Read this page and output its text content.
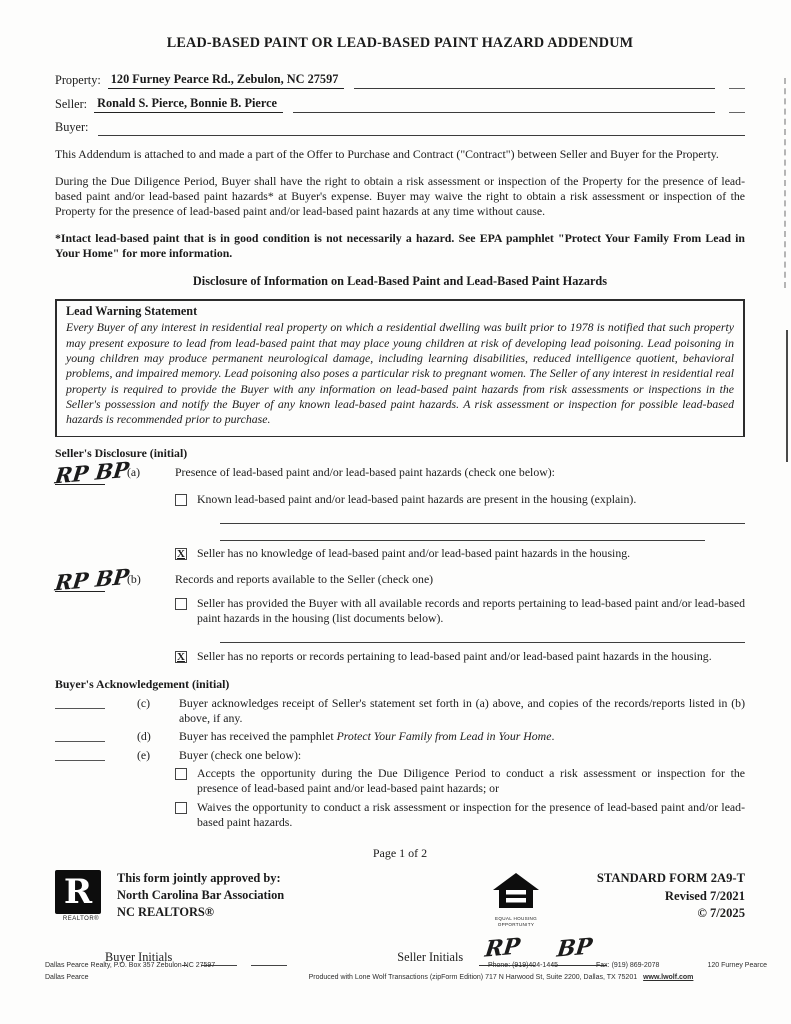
LEAD-BASED PAINT OR LEAD-BASED PAINT HAZARD ADDENDUM
Property: 120 Furney Pearce Rd., Zebulon, NC 27597
Seller: Ronald S. Pierce, Bonnie B. Pierce
Buyer:

This Addendum is attached to and made a part of the Offer to Purchase and Contract ("Contract") between Seller and Buyer for the Property.

During the Due Diligence Period, Buyer shall have the right to obtain a risk assessment or inspection of the Property for the presence of lead-based paint and/or lead-based paint hazards* at Buyer's expense. Buyer may waive the right to obtain a risk assessment or inspection of the Property for the presence of lead-based paint and/or lead-based paint hazards at any time without cause.

*Intact lead-based paint that is in good condition is not necessarily a hazard. See EPA pamphlet "Protect Your Family From Lead in Your Home" for more information.

Disclosure of Information on Lead-Based Paint and Lead-Based Paint Hazards
Lead Warning Statement
Every Buyer of any interest in residential real property on which a residential dwelling was built prior to 1978 is notified that such property may present exposure to lead from lead-based paint that may place young children at risk of developing lead poisoning. Lead poisoning in young children may produce permanent neurological damage, including learning disabilities, reduced intelligence quotient, behavioral problems, and impaired memory. Lead poisoning also poses a particular risk to pregnant women. The Seller of any interest in residential real property is required to provide the Buyer with any information on lead-based paint hazards from risk assessments or inspections in the Seller's possession and notify the Buyer of any known lead-based paint hazards. A risk assessment or inspection for possible lead-based hazards is recommended prior to purchase.
Seller's Disclosure (initial)
RP BP
(a)	Presence of lead-based paint and/or lead-based paint hazards (check one below):
Known lead-based paint and/or lead-based paint hazards are present in the housing (explain).
X Seller has no knowledge of lead-based paint and/or lead-based paint hazards in the housing.
RP BP
(b)	Records and reports available to the Seller (check one)
Seller has provided the Buyer with all available records and reports pertaining to lead-based paint and/or lead-based paint hazards in the housing (list documents below).
X Seller has no reports or records pertaining to lead-based paint and/or lead-based paint hazards in the housing.
Buyer's Acknowledgement (initial)
(c)	Buyer acknowledges receipt of Seller's statement set forth in (a) above, and copies of the records/reports listed in (b) above, if any.
(d)	Buyer has received the pamphlet Protect Your Family from Lead in Your Home.
(e)	Buyer (check one below):
Accepts the opportunity during the Due Diligence Period to conduct a risk assessment or inspection for the presence of lead-based paint and/or lead-based paint hazards; or
Waives the opportunity to conduct a risk assessment or inspection for the presence of lead-based paint and/or lead-based paint hazards.
Page 1 of 2
R
REALTOR®
This form jointly approved by:
North Carolina Bar Association
NC REALTORS®
EQUAL HOUSING
OPPORTUNITY
STANDARD FORM 2A9-T
Revised 7/2021
© 7/2025
Buyer Initials	Seller Initials RP BP
Dallas Pearce Realty, P.O. Box 357 Zebulon NC 27597	Phone: (919)404-1445	Fax: (919) 869-2078	120 Furney Pearce
Dallas Pearce	Produced with Lone Wolf Transactions (zipForm Edition) 717 N Harwood St, Suite 2200, Dallas, TX 75201 www.lwolf.com
